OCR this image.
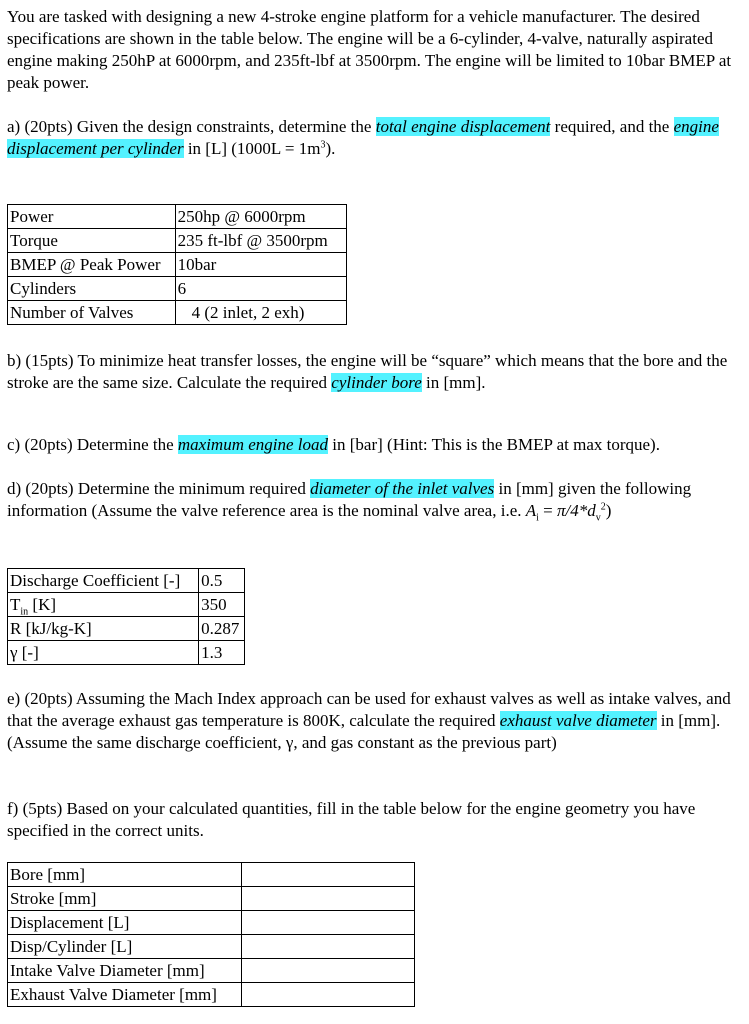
You are tasked with designing a new 4-stroke engine platform for a vehicle manufacturer. The desired specifications are shown in the table below. The engine will be a 6-cylinder, 4-valve, naturally aspirated engine making 250hP at 6000rpm, and 235ft-lbf at 3500rpm. The engine will be limited to 10bar BMEP at peak power.

a) (20pts) Given the design constraints, determine the total engine displacement required, and the engine displacement per cylinder in [L] $(1000L = 1m^3)$.

Power	250hp @ 6000rpm
Torque	235 ft-lbf @ 3500rpm
BMEP @ Peak Power	10bar
Cylinders	6
Number of Valves	4 (2 inlet, 2 exh)

b) (15pts) To minimize heat transfer losses, the engine will be “square” which means that the bore and the stroke are the same size. Calculate the required cylinder bore in [mm].

c) (20pts) Determine the maximum engine load in [bar] (Hint: This is the BMEP at max torque).

d) (20pts) Determine the minimum required diameter of the inlet valves in [mm] given the following information (Assume the valve reference area is the nominal valve area, i.e. $A_i = \pi/4*d_v^2$)

Discharge Coefficient [-]	0.5
$T_{in}$ [K]	350
R [kJ/kg-K]	0.287
γ [-]	1.3

e) (20pts) Assuming the Mach Index approach can be used for exhaust valves as well as intake valves, and that the average exhaust gas temperature is 800K, calculate the required exhaust valve diameter in [mm]. (Assume the same discharge coefficient, γ, and gas constant as the previous part)

f) (5pts) Based on your calculated quantities, fill in the table below for the engine geometry you have specified in the correct units.

Bore [mm]	
Stroke [mm]	
Displacement [L]	
Disp/Cylinder [L]	
Intake Valve Diameter [mm]	
Exhaust Valve Diameter [mm]	
